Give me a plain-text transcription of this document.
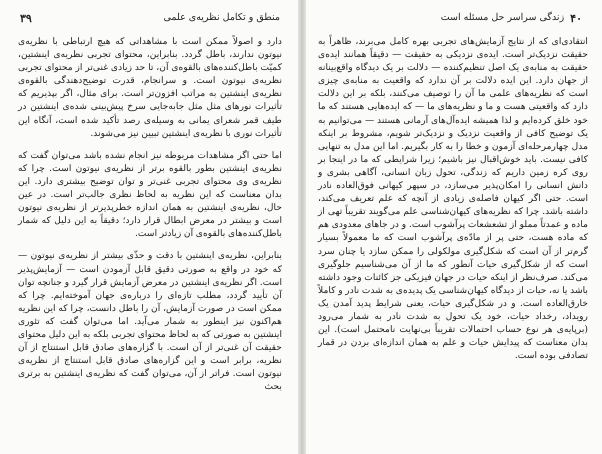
۳۹	منطق و تکامل نظریه‌ی علمی

دارد و اصولاً ممکن است با مشاهداتی که هیچ ارتباطی با نظریه‌ی نیوتون ندارند، باطل گردد. بنابراین، محتوای تجربی نظریه‌ی اینشتین، کمیّت باطل‌کننده‌های بالقوه‌ی آن، تا حد زیادی غنی‌تر از محتوای تجربی نظریه‌ی نیوتون است. و سرانجام، قدرت توضیح‌دهندگی بالقوه‌ی نظریه‌ی اینشتین به مراتب افزون‌تر است. برای مثال، اگر بپذیریم که تأثیرات نورهای مثل مثل جابه‌جایی سرخ پیش‌بینی شده‌ی اینشتین در طیف قمر شعرای یمانی به وسیله‌ی رصد تأکید شده است، آنگاه این تأثیرات نوری با نظریه‌ی اینشتین تبیین نیز می‌شوند.

اما حتی اگر مشاهدات مربوطه نیز انجام نشده باشد می‌توان گفت که نظریه‌ی اینشتین بطور بالقوه برتر از نظریه‌ی نیوتون است. چرا که نظریه‌ی وی محتوای تجربی غنی‌تر و توان توضیح بیشتری دارد. این بدان معناست که این نظریه به لحاظ نظری جالب‌تر است. در عین حال، نظریه‌ی اینشتین به همان اندازه خطرپذیرتر از نظریه‌ی نیوتون است و بیشتر در معرض ابطال قرار دارد؛ دقیقاً به این دلیل که شمار باطل‌کننده‌های بالقوه‌ی آن زیادتر است.

بنابراین، نظریه‌ی اینشتین با دقت و حذّی بیشتر از نظریه‌ی نیوتون — که خود در واقع به صورتی دقیق قابل آزمودن است — آزمایش‌پذیر است. اگر نظریه‌ی اینشتین در معرض آزمایش قرار گیرد و جنانچه توان آن تأیید گردد، مطلب تازه‌ای را درباره‌ی جهان آموخته‌ایم. چرا که ممکن است در صورت آزمایش، آن را باطل دانست، چرا که این نظریه هم‌اکنون نیز اینطور به شمار می‌آید. اما می‌توان گفت که تئوری اینشتین به صورتی که به لحاظ محتوای تجربی بلکه به این دلیل محتوای حقیقت آن غنی‌تر از آن است. با گزاره‌های صادق قابل استنتاج از آن نظریه، برابر است و این گزاره‌های صادق قابل استنتاج از نظریه‌ی نیوتون است. فراتر از آن، می‌توان گفت که نظریه‌ی اینشتین به برتری بحث

۴۰
زندگی سراسر حل مسئله است

انتقادی‌ای که از نتایج آزمایش‌های تجربی بهره کامل می‌برند، ظاهراً به حقیقت نزدیک‌تر است. ایده‌ی نزدیکی به حقیقت — دقیقاً همانند ایده‌ی حقیقت به منابه‌ی یک اصل تنظیم‌کننده — دلالت بر یک دیدگاه واقع‌بینانه از جهان دارد. این ایده دلالت بر آن ندارد که واقعیت به منابه‌ی چیزی است که نظریه‌های علمی ما آن را توصیف می‌کنند، بلکه بر این دلالت دارد که واقعیتی هست و ما و نظریه‌های ما — که ایده‌هایی هستند که ما خود خلق کرده‌ایم و لذا همیشه ایده‌آل‌های آرمانی هستند — می‌توانیم به یک توضیح کافی از واقعیت نزدیک و نزدیک‌تر شویم، مشروط بر اینکه مدل چهارمرحله‌ای آزمون و خطا را به کار بگیریم. اما این مدل به تنهایی کافی نیست. باید خوش‌اقبال نیز باشیم؛ زیرا شرایطی که ما در اینجا بر روی کره زمین داریم که زندگی، تحول زبان انسانی، آگاهی بشری و دانش انسانی را امکان‌پذیر می‌سازد، در سپهر کیهانی فوق‌العاده نادر است. حتی اگر کیهان فاصله‌ی زیادی از آنچه که علم تعریف می‌کند، داشته باشد. چرا که نظریه‌های کیهان‌شناسی علم می‌گویند تقریباً تهی از ماده و عمدتاً مملو از تشعشعات پرآشوب است. و در جاهای معدودی هم که ماده هست، حتی پر از مادّه‌ی پرآشوب است که ما معمولاً بسیار گرم‌تر از آن است که شکل‌گیری مولکولی را ممکن سازد یا چنان سرد است که از شکل‌گیری حیات آنطور که ما از آن می‌شناسیم جلوگیری می‌کند. صرف‌نظر از اینکه حیات در جهان فیزیکی جز کائنات وجود داشته باشد یا نه، حیات از دیدگاه کیهان‌شناسی یک پدیده‌ی به شدت نادر و کاملاً خارق‌العاده است. و در شکل‌گیری حیات، یعنی شرایط پدید آمدن یک رویداد، رخداد حیات، خود یک تحول به شدت نادر به شمار می‌رود (برپایه‌ی هر نوع حساب احتمالات تقریباً بی‌نهایت نامحتمل است). این بدان معناست که پیدایش حیات و علم به همان اندازه‌ای بردن در قمار تصادفی بوده است.
